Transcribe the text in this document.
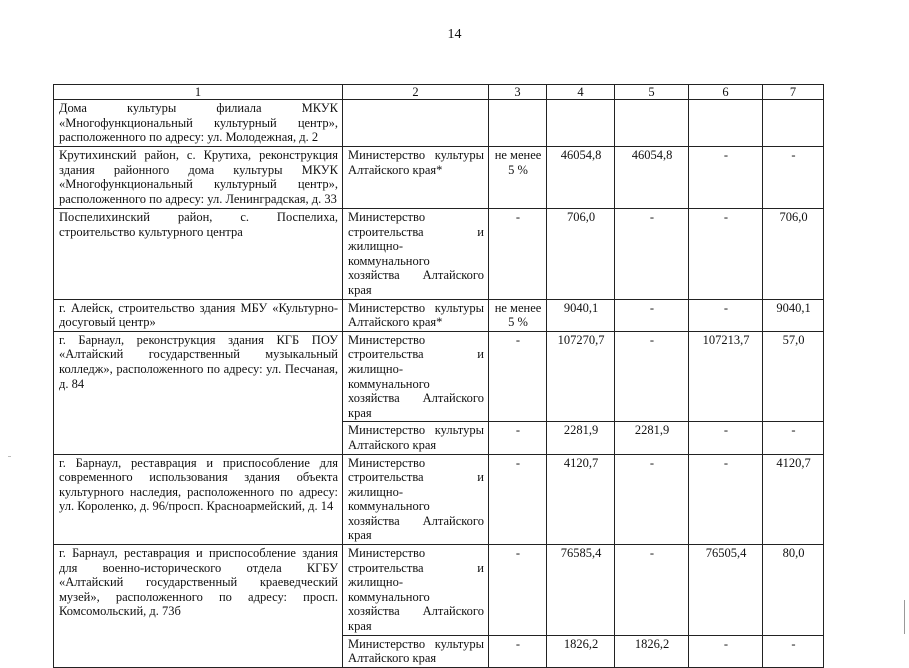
14
1	2	3	4	5	6	7
Дома культуры филиала МКУК «Многофункциональный культурный центр», расположенного по адресу: ул. Молодежная, д. 2						
Крутихинский район, с. Крутиха, реконструкция здания районного дома культуры МКУК «Многофункциональный культурный центр», расположенного по адресу: ул. Ленинградская, д. 33	Министерство культуры Алтайского края*	не менее 5 %	46054,8	46054,8	-	-
Поспелихинский район, с. Поспелиха, строительство культурного центра	Министерство строительства и жилищно-коммунального хозяйства Алтайского края	-	706,0	-	-	706,0
г. Алейск, строительство здания МБУ «Культурно-досуговый центр»	Министерство культуры Алтайского края*	не менее 5 %	9040,1	-	-	9040,1
г. Барнаул, реконструкция здания КГБ ПОУ «Алтайский государственный музыкальный колледж», расположенного по адресу: ул. Песчаная, д. 84	Министерство строительства и жилищно-коммунального хозяйства Алтайского края	-	107270,7	-	107213,7	57,0
	Министерство культуры Алтайского края	-	2281,9	2281,9	-	-
г. Барнаул, реставрация и приспособление для современного использования здания объекта культурного наследия, расположенного по адресу: ул. Короленко, д. 96/просп. Красноармейский, д. 14	Министерство строительства и жилищно-коммунального хозяйства Алтайского края	-	4120,7	-	-	4120,7
г. Барнаул, реставрация и приспособление здания для военно-исторического отдела КГБУ «Алтайский государственный краеведческий музей», расположенного по адресу: просп. Комсомольский, д. 73б	Министерство строительства и жилищно-коммунального хозяйства Алтайского края	-	76585,4	-	76505,4	80,0
	Министерство культуры Алтайского края	-	1826,2	1826,2	-	-
